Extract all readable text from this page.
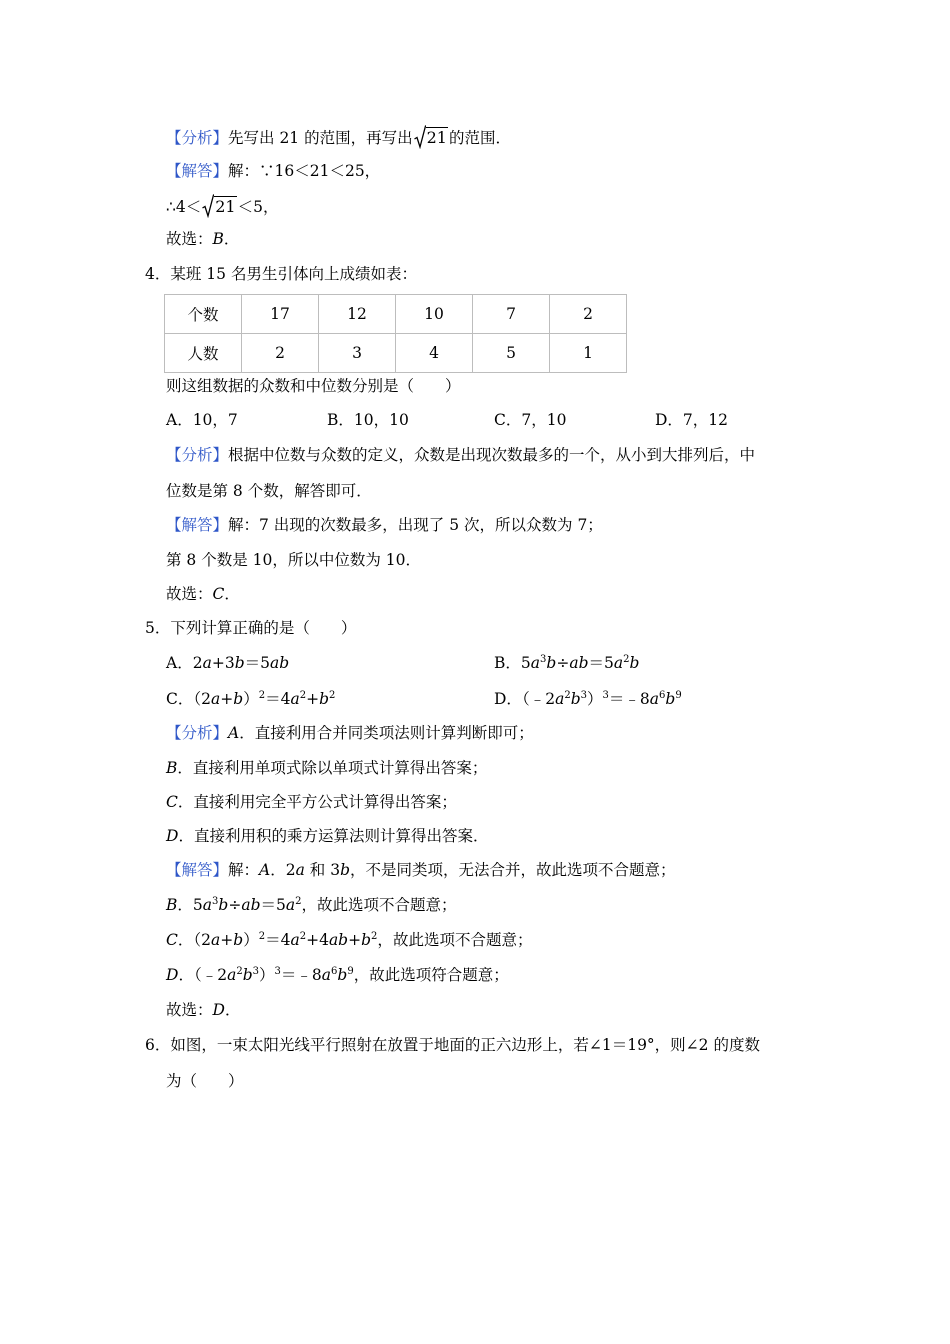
【分析】先写出 21 的范围，再写出 21 的范围．
【解答】解：∵16＜21＜25，
∴4＜ 21 ＜5，
故选：B．
4．某班 15 名男生引体向上成绩如表：
个数	17	12	10	7	2
人数	2	3	4	5	1
则这组数据的众数和中位数分别是（　　）
A．10，7	B．10，10	C．7，10	D．7，12
【分析】根据中位数与众数的定义，众数是出现次数最多的一个，从小到大排列后，中
位数是第 8 个数，解答即可．
【解答】解：7 出现的次数最多，出现了 5 次，所以众数为 7；
第 8 个数是 10，所以中位数为 10．
故选：C．
5．下列计算正确的是（　　）
A．2a+3b＝5ab	B．$5a^3b\div ab=5a^2b$
C．$(2a+b)^2=4a^2+b^2$	D．$(﹣2a^2b^3)^3=﹣8a^6b^9$
【分析】A．直接利用合并同类项法则计算判断即可；
B．直接利用单项式除以单项式计算得出答案；
C．直接利用完全平方公式计算得出答案；
D．直接利用积的乘方运算法则计算得出答案．
【解答】解：A．2a 和 3b，不是同类项，无法合并，故此选项不合题意；
B．$5a^3b\div ab=5a^2$，故此选项不合题意；
C．$(2a+b)^2=4a^2+4ab+b^2$，故此选项不合题意；
D．$(﹣2a^2b^3)^3=﹣8a^6b^9$，故此选项符合题意；
故选：D．
6．如图，一束太阳光线平行照射在放置于地面的正六边形上，若∠1＝19°，则∠2 的度数
为（　　）
